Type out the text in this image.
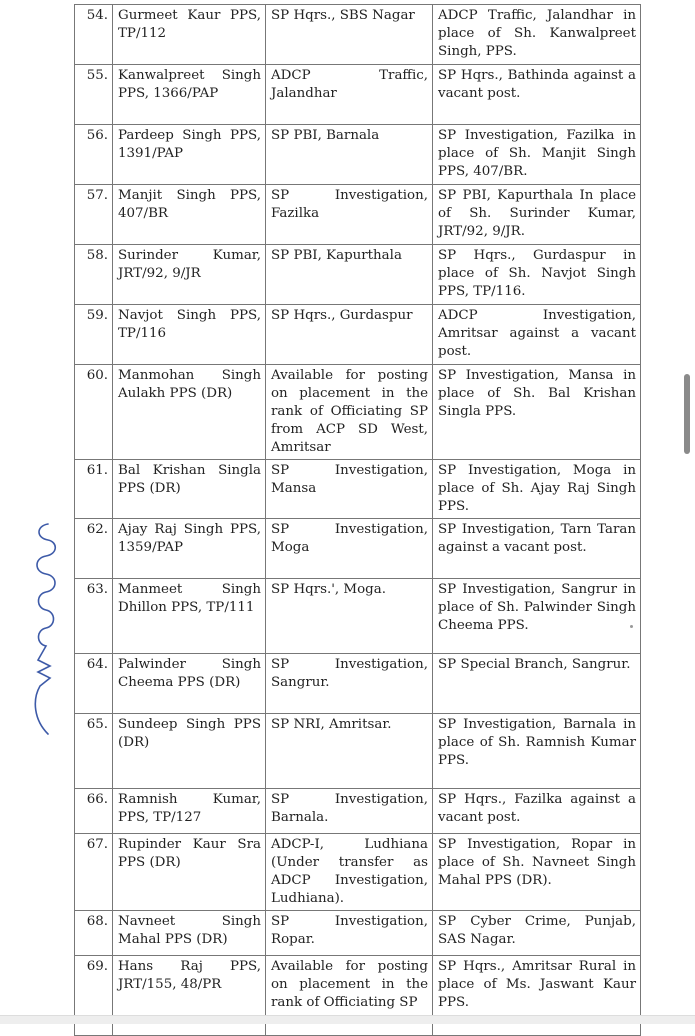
54.	Gurmeet Kaur PPS, TP/112	SP Hqrs., SBS Nagar	ADCP Traffic, Jalandhar in place of Sh. Kanwalpreet Singh, PPS.
55.	Kanwalpreet Singh PPS, 1366/PAP	ADCP Traffic, Jalandhar	SP Hqrs., Bathinda against a vacant post.
56.	Pardeep Singh PPS, 1391/PAP	SP PBI, Barnala	SP Investigation, Fazilka in place of Sh. Manjit Singh PPS, 407/BR.
57.	Manjit Singh PPS, 407/BR	SP Investigation, Fazilka	SP PBI, Kapurthala In place of Sh. Surinder Kumar, JRT/92, 9/JR.
58.	Surinder Kumar, JRT/92, 9/JR	SP PBI, Kapurthala	SP Hqrs., Gurdaspur in place of Sh. Navjot Singh PPS, TP/116.
59.	Navjot Singh PPS, TP/116	SP Hqrs., Gurdaspur	ADCP Investigation, Amritsar against a vacant post.
60.	Manmohan Singh Aulakh PPS (DR)	Available for posting on placement in the rank of Officiating SP from ACP SD West, Amritsar	SP Investigation, Mansa in place of Sh. Bal Krishan Singla PPS.
61.	Bal Krishan Singla PPS (DR)	SP Investigation, Mansa	SP Investigation, Moga in place of Sh. Ajay Raj Singh PPS.
62.	Ajay Raj Singh PPS, 1359/PAP	SP Investigation, Moga	SP Investigation, Tarn Taran against a vacant post.
63.	Manmeet Singh Dhillon PPS, TP/111	SP Hqrs.', Moga.	SP Investigation, Sangrur in place of Sh. Palwinder Singh Cheema PPS.
64.	Palwinder Singh Cheema PPS (DR)	SP Investigation, Sangrur.	SP Special Branch, Sangrur.
65.	Sundeep Singh PPS (DR)	SP NRI, Amritsar.	SP Investigation, Barnala in place of Sh. Ramnish Kumar PPS.
66.	Ramnish Kumar, PPS, TP/127	SP Investigation, Barnala.	SP Hqrs., Fazilka against a vacant post.
67.	Rupinder Kaur Sra PPS (DR)	ADCP-I, Ludhiana (Under transfer as ADCP Investigation, Ludhiana).	SP Investigation, Ropar in place of Sh. Navneet Singh Mahal PPS (DR).
68.	Navneet Singh Mahal PPS (DR)	SP Investigation, Ropar.	SP Cyber Crime, Punjab, SAS Nagar.
69.	Hans Raj PPS, JRT/155, 48/PR	Available for posting on placement in the rank of Officiating SP	SP Hqrs., Amritsar Rural in place of Ms. Jaswant Kaur PPS.
